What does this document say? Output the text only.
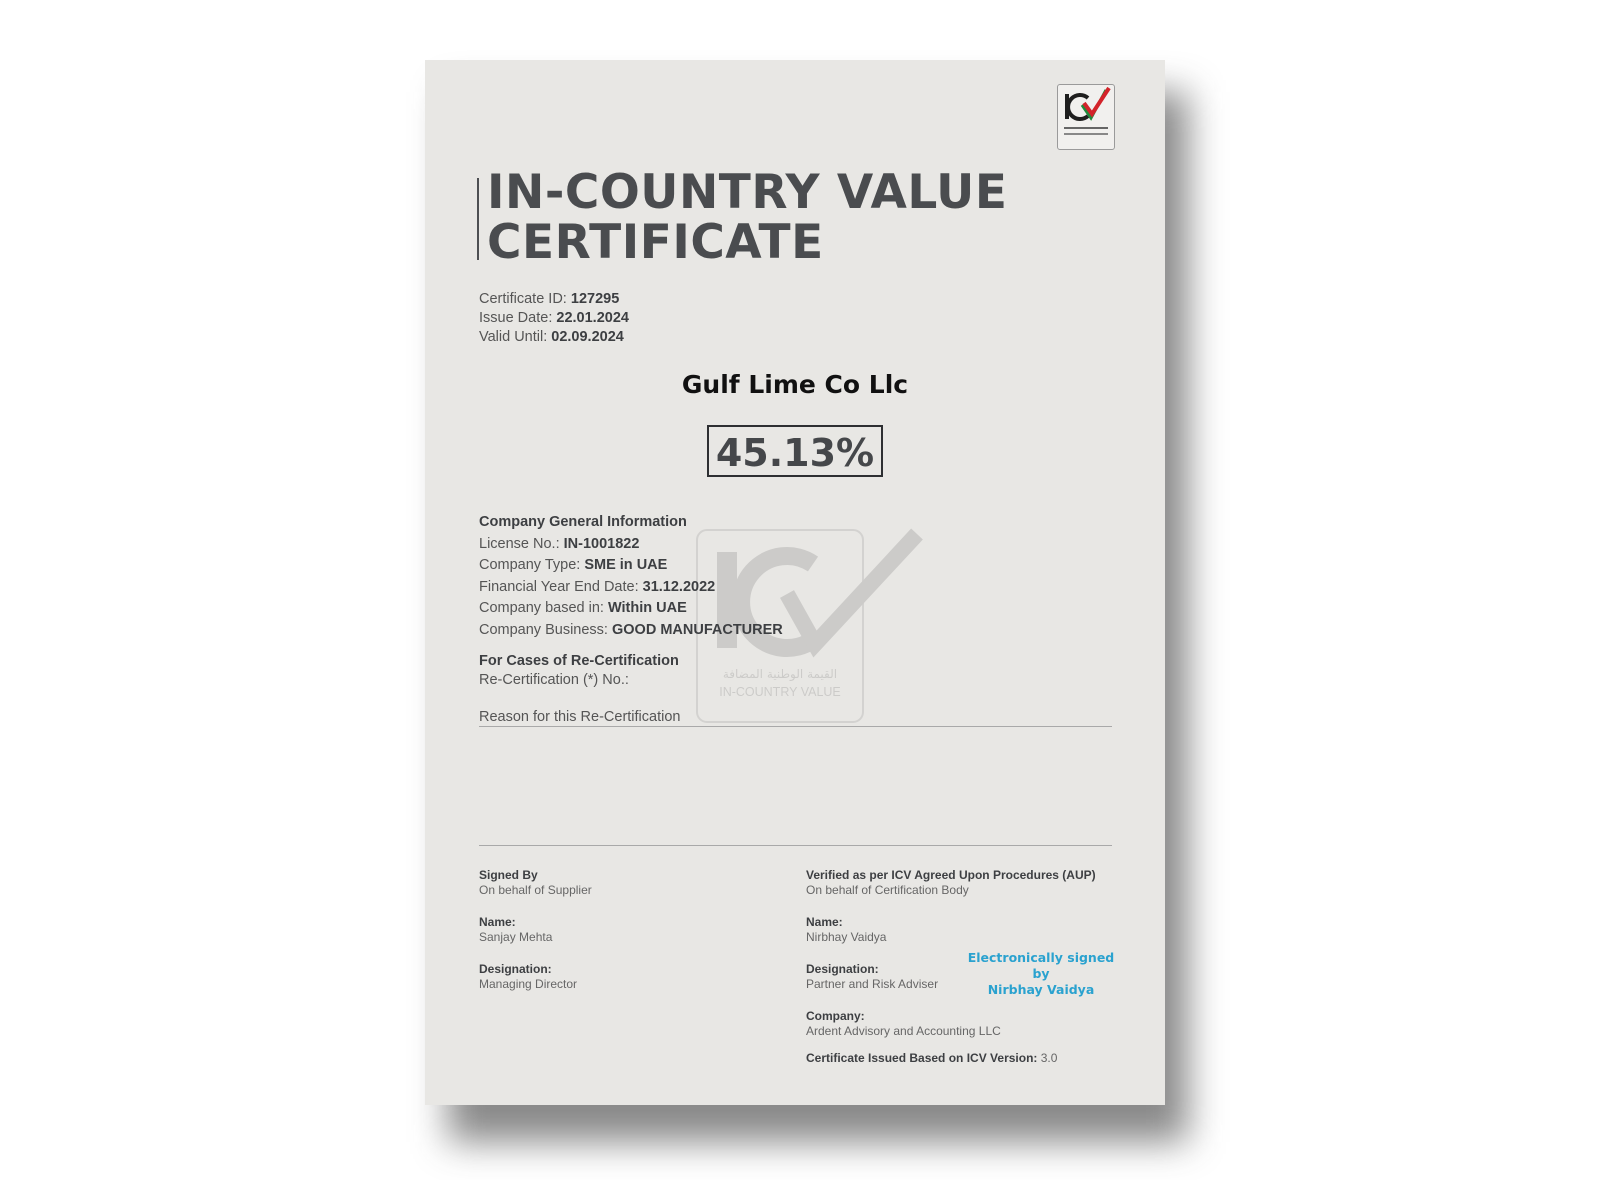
IN-COUNTRY VALUE
CERTIFICATE
Certificate ID: 127295
Issue Date: 22.01.2024
Valid Until: 02.09.2024
Gulf Lime Co Llc
45.13%
القيمة الوطنية المضافة
IN-COUNTRY VALUE
Company General Information
License No.: IN-1001822
Company Type: SME in UAE
Financial Year End Date: 31.12.2022
Company based in: Within UAE
Company Business: GOOD MANUFACTURER
For Cases of Re-Certification
Re-Certification (*) No.:
Reason for this Re-Certification
Signed By
On behalf of Supplier
Name:
Sanjay Mehta
Designation:
Managing Director
Verified as per ICV Agreed Upon Procedures (AUP)
On behalf of Certification Body
Name:
Nirbhay Vaidya
Designation:
Partner and Risk Adviser
Company:
Ardent Advisory and Accounting LLC
Certificate Issued Based on ICV Version: 3.0
Electronically signed by
Nirbhay Vaidya
